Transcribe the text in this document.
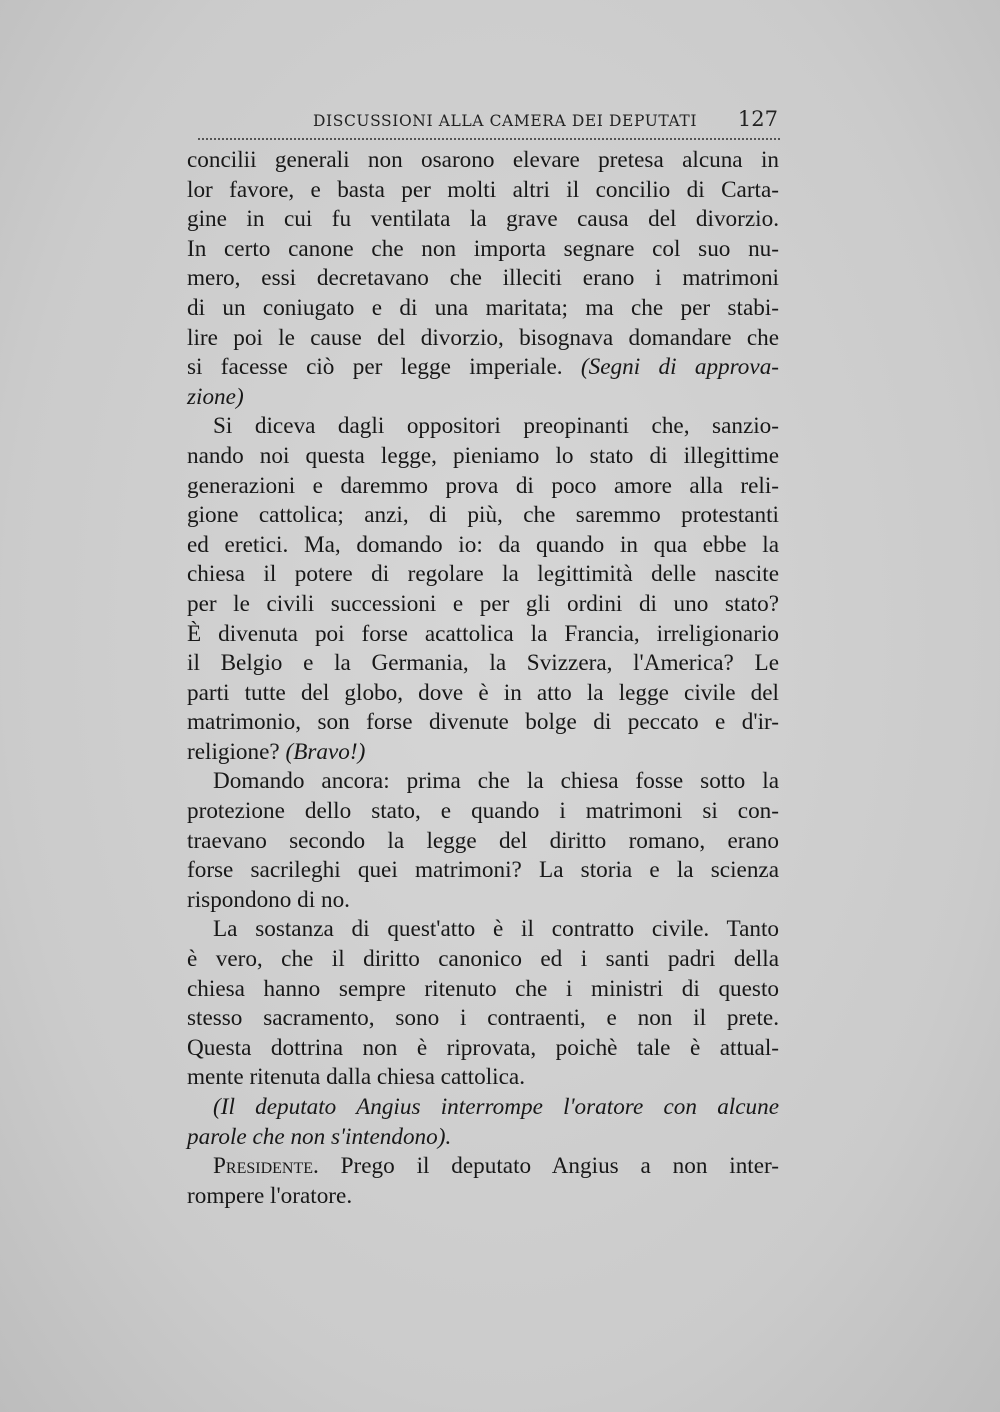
DISCUSSIONI ALLA CAMERA DEI DEPUTATI 127
concilii generali non osarono elevare pretesa alcuna in
lor favore, e basta per molti altri il concilio di Carta-
gine in cui fu ventilata la grave causa del divorzio.
In certo canone che non importa segnare col suo nu-
mero, essi decretavano che illeciti erano i matrimoni
di un coniugato e di una maritata; ma che per stabi-
lire poi le cause del divorzio, bisognava domandare che
si facesse ciò per legge imperiale. (Segni di approva-
zione)
Si diceva dagli oppositori preopinanti che, sanzio-
nando noi questa legge, pieniamo lo stato di illegittime
generazioni e daremmo prova di poco amore alla reli-
gione cattolica; anzi, di più, che saremmo protestanti
ed eretici. Ma, domando io: da quando in qua ebbe la
chiesa il potere di regolare la legittimità delle nascite
per le civili successioni e per gli ordini di uno stato?
È divenuta poi forse acattolica la Francia, irreligionario
il Belgio e la Germania, la Svizzera, l'America? Le
parti tutte del globo, dove è in atto la legge civile del
matrimonio, son forse divenute bolge di peccato e d'ir-
religione? (Bravo!)
Domando ancora: prima che la chiesa fosse sotto la
protezione dello stato, e quando i matrimoni si con-
traevano secondo la legge del diritto romano, erano
forse sacrileghi quei matrimoni? La storia e la scienza
rispondono di no.
La sostanza di quest'atto è il contratto civile. Tanto
è vero, che il diritto canonico ed i santi padri della
chiesa hanno sempre ritenuto che i ministri di questo
stesso sacramento, sono i contraenti, e non il prete.
Questa dottrina non è riprovata, poichè tale è attual-
mente ritenuta dalla chiesa cattolica.
(Il deputato Angius interrompe l'oratore con alcune
parole che non s'intendono).
Presidente. Prego il deputato Angius a non inter-
rompere l'oratore.
